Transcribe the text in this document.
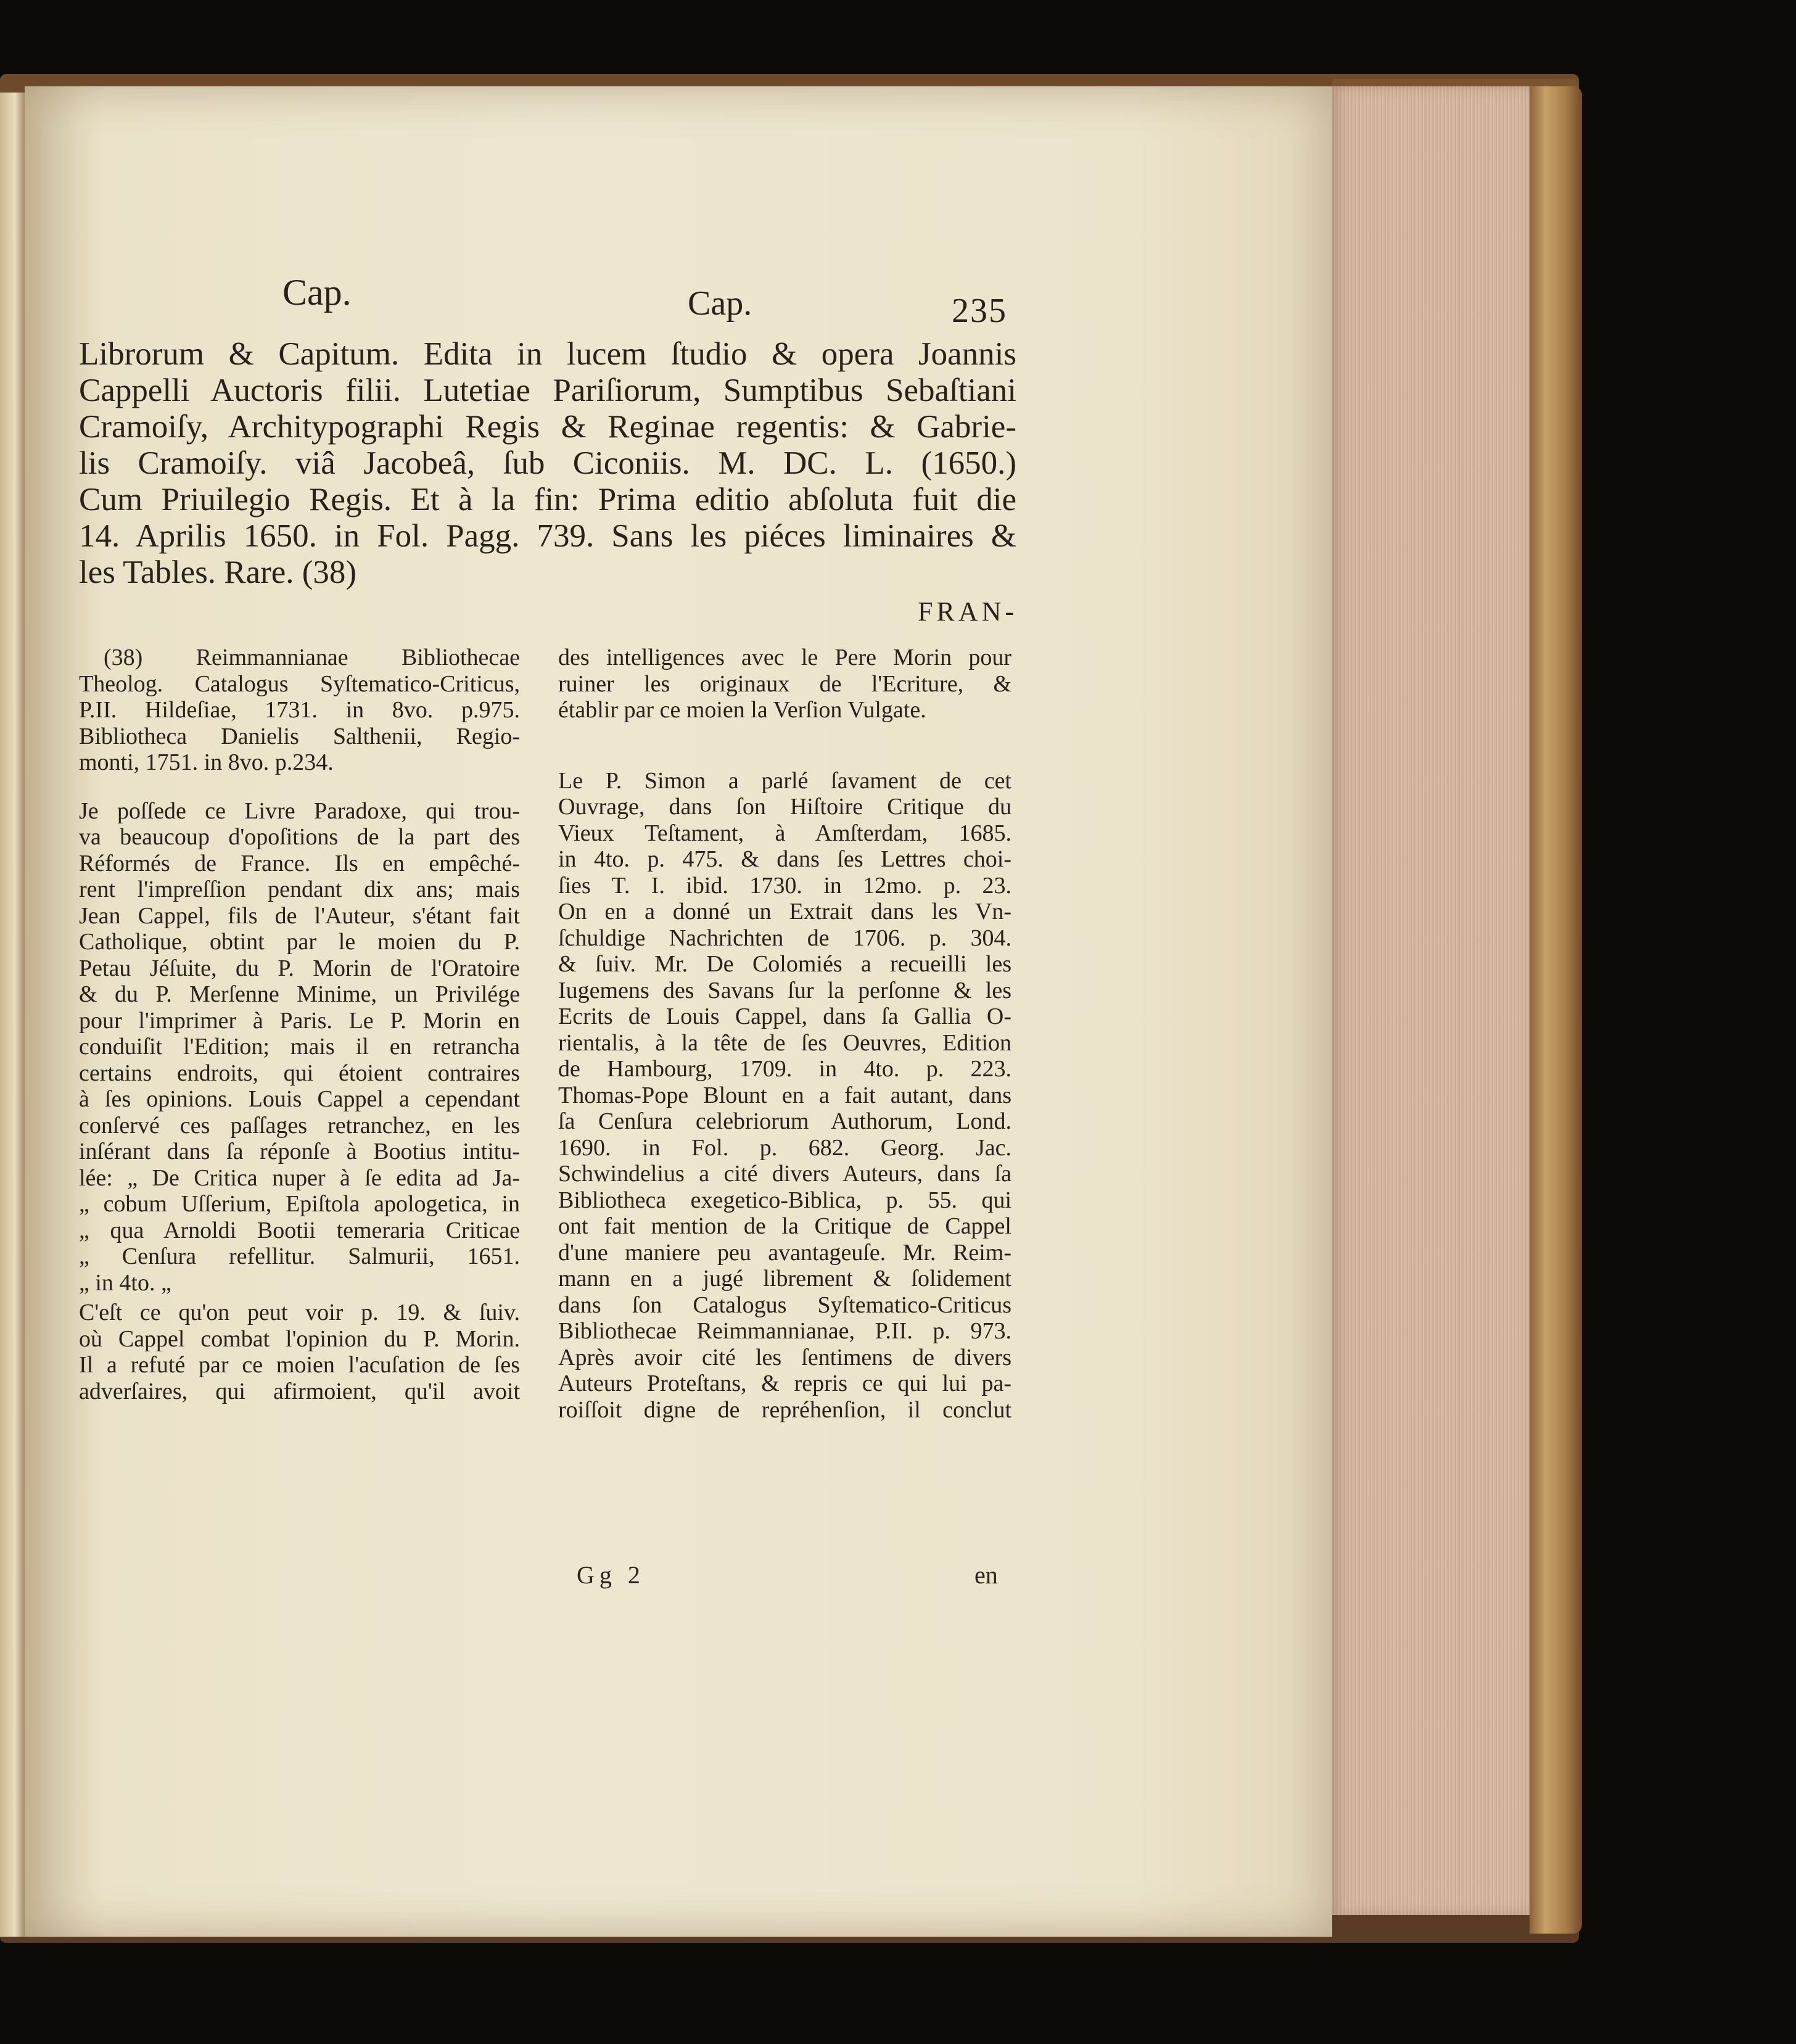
Cap.	Cap.	235
Librorum & Capitum. Edita in lucem ſtudio & opera Joannis
Cappelli Auctoris filii. Lutetiae Pariſiorum, Sumptibus Sebaſtiani
Cramoiſy, Architypographi Regis & Reginae regentis: & Gabrie-
lis Cramoiſy. viâ Jacobeâ, ſub Ciconiis. M. DC. L. (1650.)
Cum Priuilegio Regis. Et à la fin: Prima editio abſoluta fuit die
14. Aprilis 1650. in Fol. Pagg. 739. Sans les piéces liminaires &
les Tables. Rare. (38)
FRAN-
(38) Reimmannianae Bibliothecae
Theolog. Catalogus Syſtematico-Criticus,
P.II. Hildeſiae, 1731. in 8vo. p.975.
Bibliotheca Danielis Salthenii, Regio-
monti, 1751. in 8vo. p.234.
Je poſſede ce Livre Paradoxe, qui trou-
va beaucoup d'opoſitions de la part des
Réformés de France. Ils en empêché-
rent l'impreſſion pendant dix ans; mais
Jean Cappel, fils de l'Auteur, s'étant fait
Catholique, obtint par le moien du P.
Petau Jéſuite, du P. Morin de l'Oratoire
& du P. Merſenne Minime, un Privilége
pour l'imprimer à Paris. Le P. Morin en
conduiſit l'Edition; mais il en retrancha
certains endroits, qui étoient contraires
à ſes opinions. Louis Cappel a cependant
conſervé ces paſſages retranchez, en les
inſérant dans ſa réponſe à Bootius intitu-
lée: „ De Critica nuper à ſe edita ad Ja-
„ cobum Uſſerium, Epiſtola apologetica, in
„ qua Arnoldi Bootii temeraria Criticae
„ Cenſura refellitur. Salmurii, 1651.
„ in 4to. „
C'eſt ce qu'on peut voir p. 19. & ſuiv.
où Cappel combat l'opinion du P. Morin.
Il a refuté par ce moien l'acuſation de ſes
adverſaires, qui afirmoient, qu'il avoit
des intelligences avec le Pere Morin pour
ruiner les originaux de l'Ecriture, &
établir par ce moien la Verſion Vulgate.
Le P. Simon a parlé ſavament de cet
Ouvrage, dans ſon Hiſtoire Critique du
Vieux Teſtament, à Amſterdam, 1685.
in 4to. p. 475. & dans ſes Lettres choi-
ſies T. I. ibid. 1730. in 12mo. p. 23.
On en a donné un Extrait dans les Vn-
ſchuldige Nachrichten de 1706. p. 304.
& ſuiv. Mr. De Colomiés a recueilli les
Iugemens des Savans ſur la perſonne & les
Ecrits de Louis Cappel, dans ſa Gallia O-
rientalis, à la tête de ſes Oeuvres, Edition
de Hambourg, 1709. in 4to. p. 223.
Thomas-Pope Blount en a fait autant, dans
ſa Cenſura celebriorum Authorum, Lond.
1690. in Fol. p. 682. Georg. Jac.
Schwindelius a cité divers Auteurs, dans ſa
Bibliotheca exegetico-Biblica, p. 55. qui
ont fait mention de la Critique de Cappel
d'une maniere peu avantageuſe. Mr. Reim-
mann en a jugé librement & ſolidement
dans ſon Catalogus Syſtematico-Criticus
Bibliothecae Reimmannianae, P.II. p. 973.
Après avoir cité les ſentimens de divers
Auteurs Proteſtans, & repris ce qui lui pa-
roiſſoit digne de repréhenſion, il conclut
Gg 2	en
